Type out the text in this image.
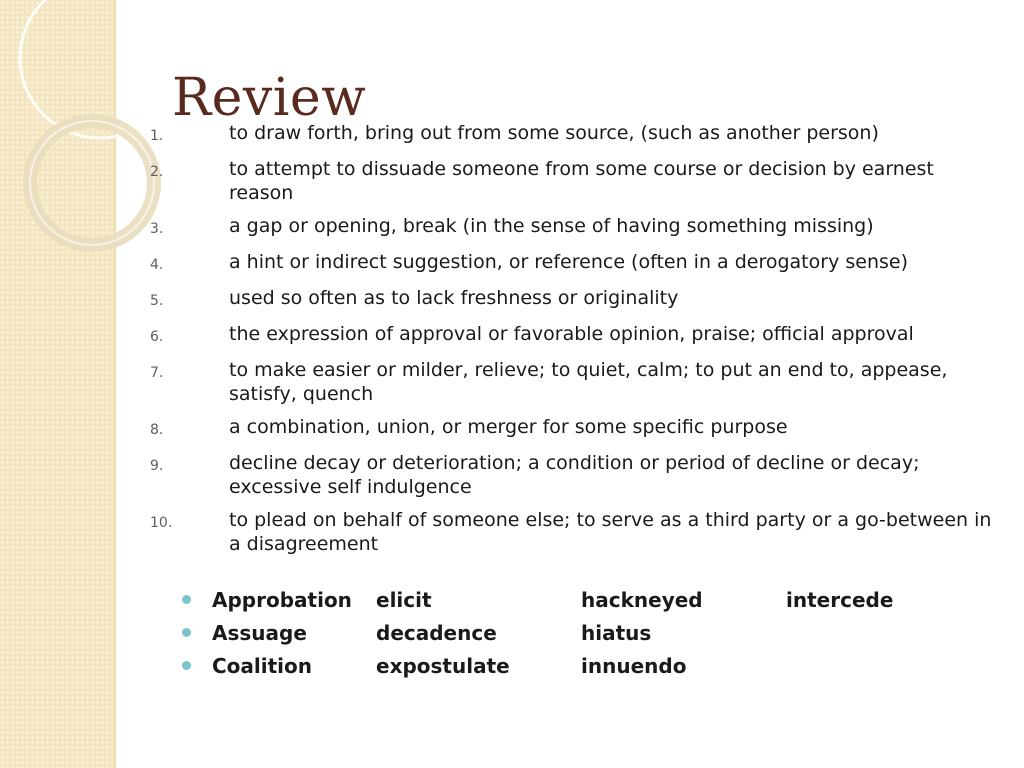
Review
1.	to draw forth, bring out from some source, (such as another person)
2.	to attempt to dissuade someone from some course or decision by earnest reason
3.	a gap or opening, break (in the sense of having something missing)
4.	a hint or indirect suggestion, or reference (often in a derogatory sense)
5.	used so often as to lack freshness or originality
6.	the expression of approval or favorable opinion, praise; official approval
7.	to make easier or milder, relieve; to quiet, calm; to put an end to, appease, satisfy, quench
8.	a combination, union, or merger for some specific purpose
9.	decline decay or deterioration; a condition or period of decline or decay; excessive self indulgence
10.	to plead on behalf of someone else; to serve as a third party or a go-between in a disagreement
Approbation	elicit	hackneyed	intercede
Assuage	decadence	hiatus
Coalition	expostulate	innuendo
